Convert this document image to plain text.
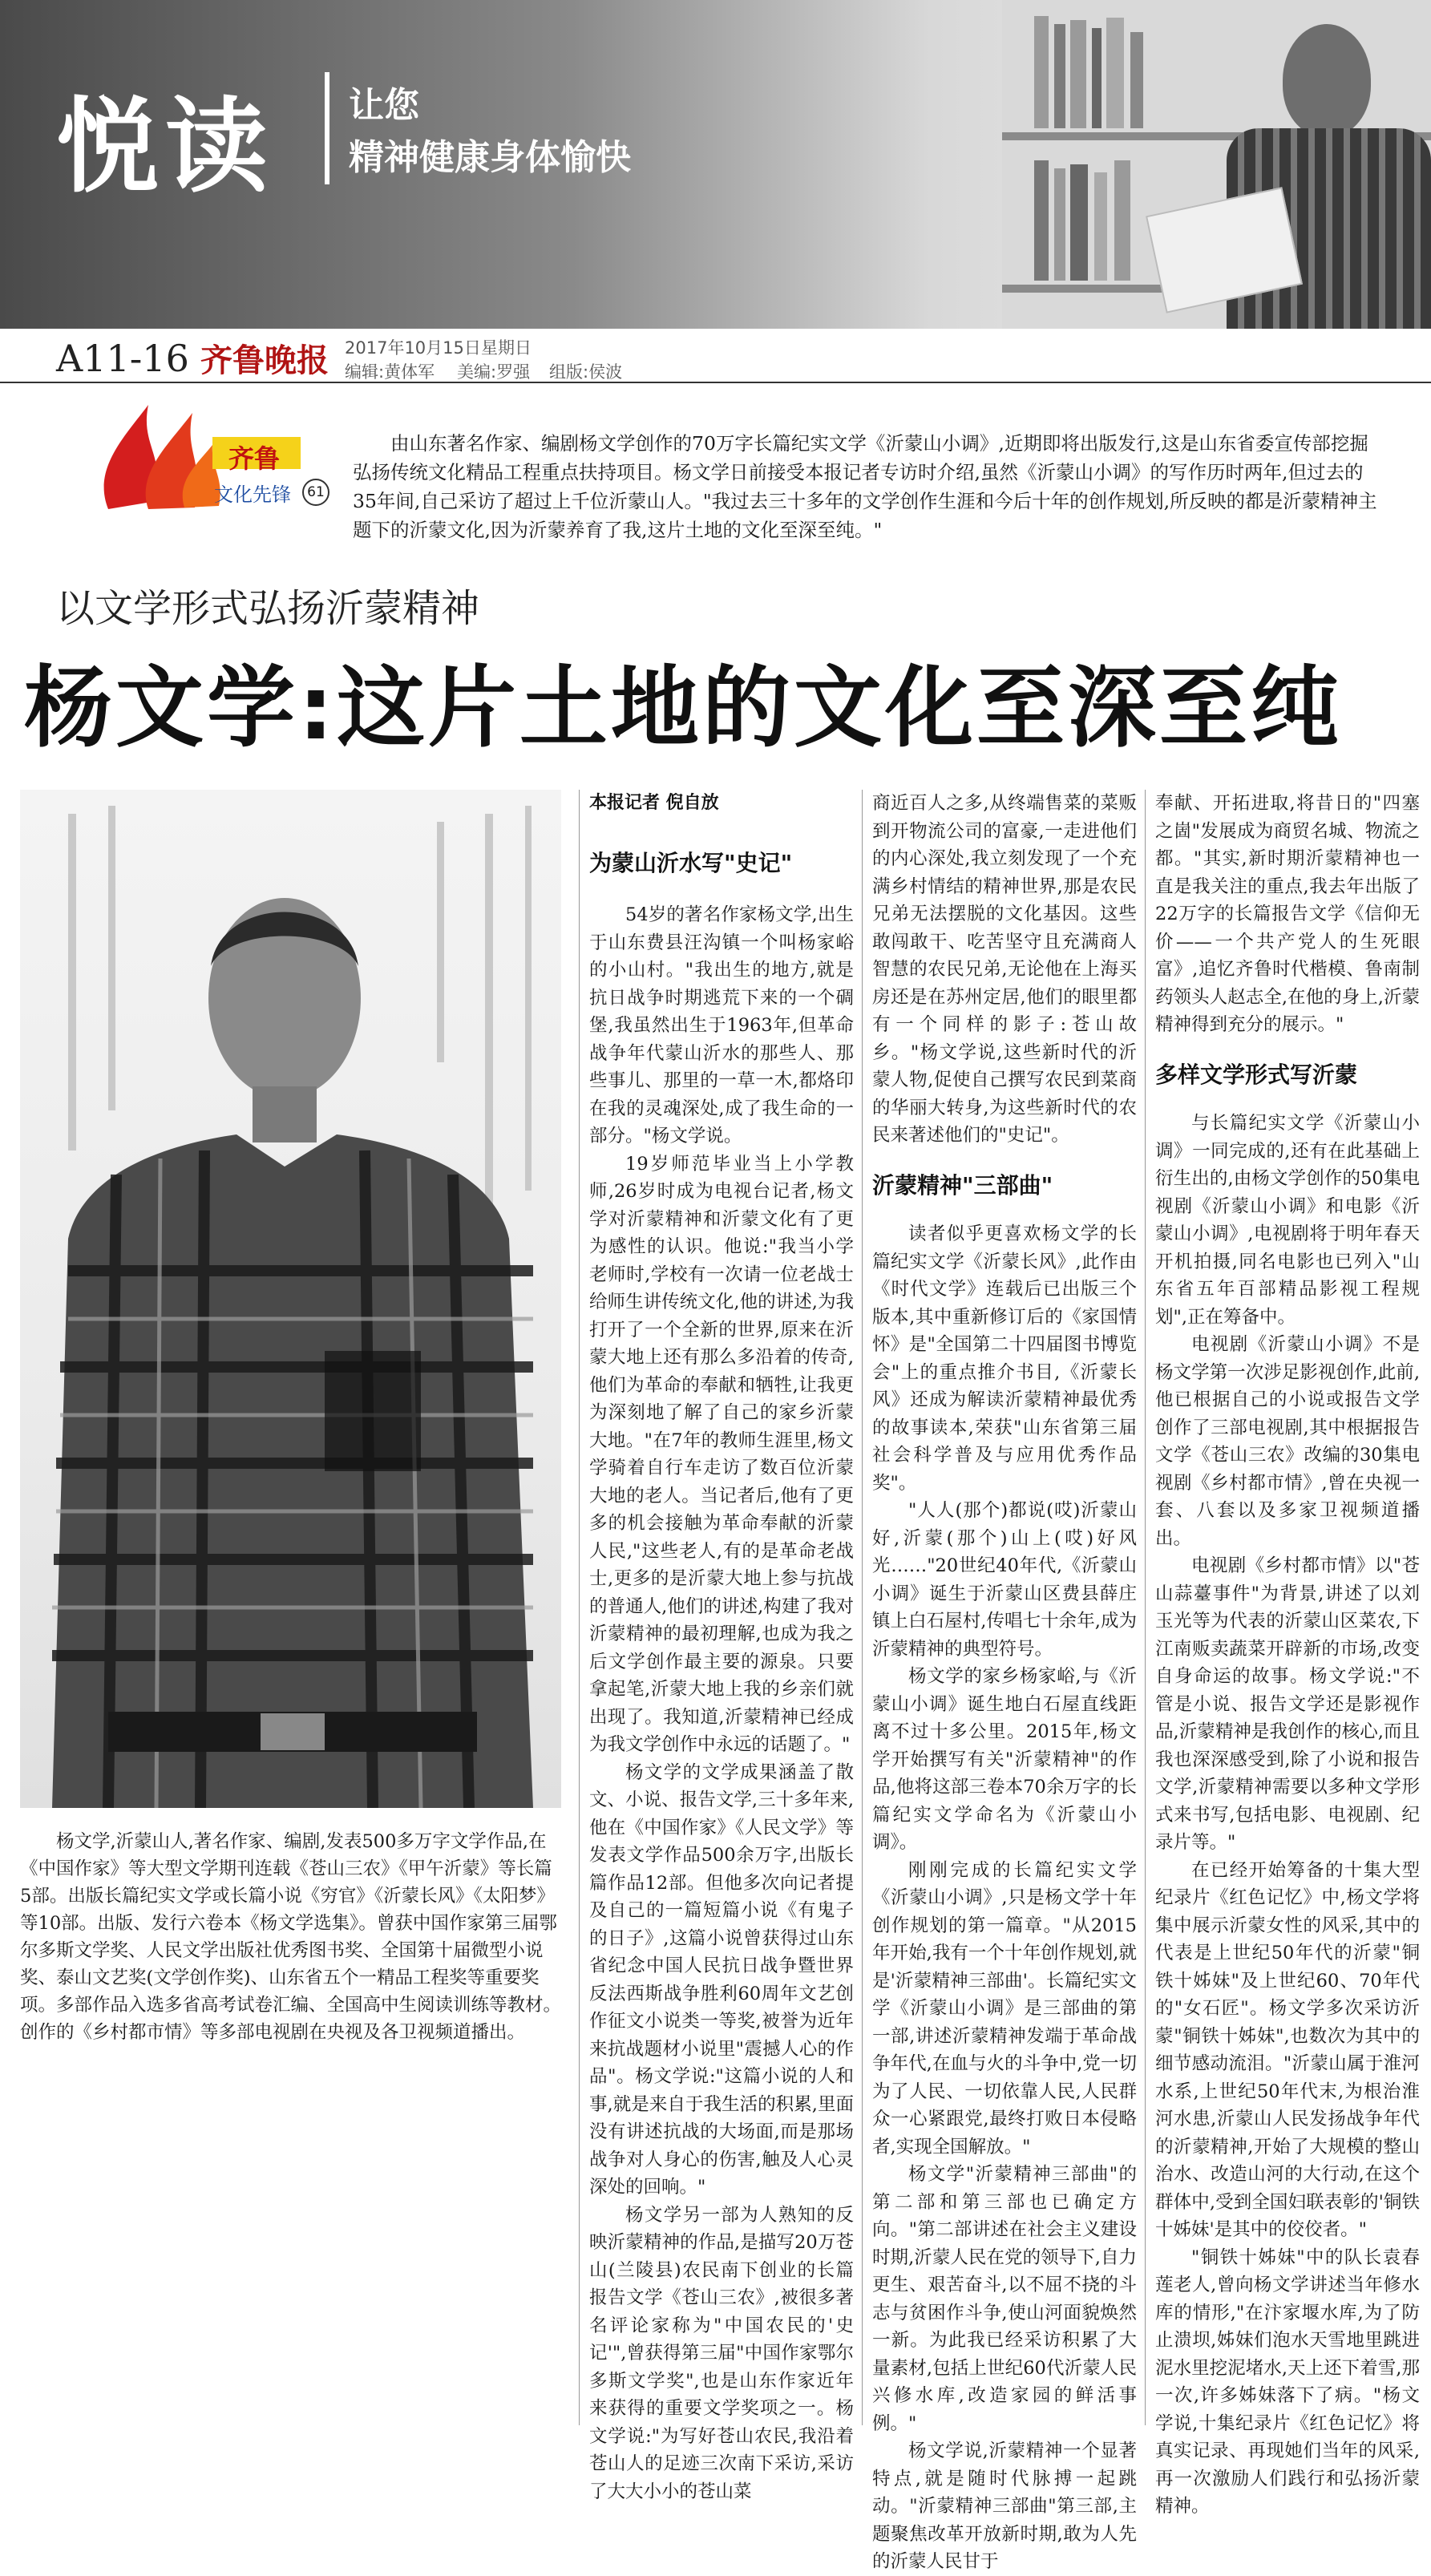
悦读 让您
精神健康身体愉快
A11-16 齐鲁晚报 2017年10月15日 星期日
编辑:黄体军 美编:罗强 组版:侯波
齐鲁
文化先锋	61
由山东著名作家、编剧杨文学创作的70万字长篇纪实文学《沂蒙山小调》,近期即将出版发行,这是山东省委宣传部挖掘弘扬传统文化精品工程重点扶持项目。杨文学日前接受本报记者专访时介绍,虽然《沂蒙山小调》的写作历时两年,但过去的35年间,自己采访了超过上千位沂蒙山人。"我过去三十多年的文学创作生涯和今后十年的创作规划,所反映的都是沂蒙精神主题下的沂蒙文化,因为沂蒙养育了我,这片土地的文化至深至纯。"
以文学形式弘扬沂蒙精神
杨文学:这片土地的文化至深至纯
杨文学,沂蒙山人,著名作家、编剧,发表500多万字文学作品,在《中国作家》等大型文学期刊连载《苍山三农》《甲午沂蒙》等长篇5部。出版长篇纪实文学或长篇小说《穷官》《沂蒙长风》《太阳梦》等10部。出版、发行六卷本《杨文学选集》。曾获中国作家第三届鄂尔多斯文学奖、人民文学出版社优秀图书奖、全国第十届微型小说奖、泰山文艺奖(文学创作奖)、山东省五个一精品工程奖等重要奖项。多部作品入选多省高考试卷汇编、全国高中生阅读训练等教材。创作的《乡村都市情》等多部电视剧在央视及各卫视频道播出。
本报记者 倪自放
为蒙山沂水写"史记"

54岁的著名作家杨文学,出生于山东费县汪沟镇一个叫杨家峪的小山村。"我出生的地方,就是抗日战争时期逃荒下来的一个碉堡,我虽然出生于1963年,但革命战争年代蒙山沂水的那些人、那些事儿、那里的一草一木,都烙印在我的灵魂深处,成了我生命的一部分。"杨文学说。

19岁师范毕业当上小学教师,26岁时成为电视台记者,杨文学对沂蒙精神和沂蒙文化有了更为感性的认识。他说:"我当小学老师时,学校有一次请一位老战士给师生讲传统文化,他的讲述,为我打开了一个全新的世界,原来在沂蒙大地上还有那么多沿着的传奇,他们为革命的奉献和牺牲,让我更为深刻地了解了自己的家乡沂蒙大地。"在7年的教师生涯里,杨文学骑着自行车走访了数百位沂蒙大地的老人。当记者后,他有了更多的机会接触为革命奉献的沂蒙人民,"这些老人,有的是革命老战士,更多的是沂蒙大地上参与抗战的普通人,他们的讲述,构建了我对沂蒙精神的最初理解,也成为我之后文学创作最主要的源泉。只要拿起笔,沂蒙大地上我的乡亲们就出现了。我知道,沂蒙精神已经成为我文学创作中永远的话题了。"

杨文学的文学成果涵盖了散文、小说、报告文学,三十多年来,他在《中国作家》《人民文学》等发表文学作品500余万字,出版长篇作品12部。但他多次向记者提及自己的一篇短篇小说《有鬼子的日子》,这篇小说曾获得过山东省纪念中国人民抗日战争暨世界反法西斯战争胜利60周年文艺创作征文小说类一等奖,被誉为近年来抗战题材小说里"震撼人心的作品"。杨文学说:"这篇小说的人和事,就是来自于我生活的积累,里面没有讲述抗战的大场面,而是那场战争对人身心的伤害,触及人心灵深处的回响。"

杨文学另一部为人熟知的反映沂蒙精神的作品,是描写20万苍山(兰陵县)农民南下创业的长篇报告文学《苍山三农》,被很多著名评论家称为"中国农民的'史记'",曾获得第三届"中国作家鄂尔多斯文学奖",也是山东作家近年来获得的重要文学奖项之一。杨文学说:"为写好苍山农民,我沿着苍山人的足迹三次南下采访,采访了大大小小的苍山菜

商近百人之多,从终端售菜的菜贩到开物流公司的富豪,一走进他们的内心深处,我立刻发现了一个充满乡村情结的精神世界,那是农民兄弟无法摆脱的文化基因。这些敢闯敢干、吃苦坚守且充满商人智慧的农民兄弟,无论他在上海买房还是在苏州定居,他们的眼里都有一个同样的影子:苍山故乡。"杨文学说,这些新时代的沂蒙人物,促使自己撰写农民到菜商的华丽大转身,为这些新时代的农民来著述他们的"史记"。

沂蒙精神"三部曲"

读者似乎更喜欢杨文学的长篇纪实文学《沂蒙长风》,此作由《时代文学》连载后已出版三个版本,其中重新修订后的《家国情怀》是"全国第二十四届图书博览会"上的重点推介书目,《沂蒙长风》还成为解读沂蒙精神最优秀的故事读本,荣获"山东省第三届社会科学普及与应用优秀作品奖"。

"人人(那个)都说(哎)沂蒙山好,沂蒙(那个)山上(哎)好风光……"20世纪40年代,《沂蒙山小调》诞生于沂蒙山区费县薛庄镇上白石屋村,传唱七十余年,成为沂蒙精神的典型符号。

杨文学的家乡杨家峪,与《沂蒙山小调》诞生地白石屋直线距离不过十多公里。2015年,杨文学开始撰写有关"沂蒙精神"的作品,他将这部三卷本70余万字的长篇纪实文学命名为《沂蒙山小调》。

刚刚完成的长篇纪实文学《沂蒙山小调》,只是杨文学十年创作规划的第一篇章。"从2015年开始,我有一个十年创作规划,就是'沂蒙精神三部曲'。长篇纪实文学《沂蒙山小调》是三部曲的第一部,讲述沂蒙精神发端于革命战争年代,在血与火的斗争中,党一切为了人民、一切依靠人民,人民群众一心紧跟党,最终打败日本侵略者,实现全国解放。"

杨文学"沂蒙精神三部曲"的第二部和第三部也已确定方向。"第二部讲述在社会主义建设时期,沂蒙人民在党的领导下,自力更生、艰苦奋斗,以不屈不挠的斗志与贫困作斗争,使山河面貌焕然一新。为此我已经采访积累了大量素材,包括上世纪60代沂蒙人民兴修水库,改造家园的鲜活事例。"

杨文学说,沂蒙精神一个显著特点,就是随时代脉搏一起跳动。"沂蒙精神三部曲"第三部,主题聚焦改革开放新时期,敢为人先的沂蒙人民甘于

奉献、开拓进取,将昔日的"四塞之崮"发展成为商贸名城、物流之都。"其实,新时期沂蒙精神也一直是我关注的重点,我去年出版了22万字的长篇报告文学《信仰无价——一个共产党人的生死眼富》,追忆齐鲁时代楷模、鲁南制药领头人赵志全,在他的身上,沂蒙精神得到充分的展示。"

多样文学形式写沂蒙

与长篇纪实文学《沂蒙山小调》一同完成的,还有在此基础上衍生出的,由杨文学创作的50集电视剧《沂蒙山小调》和电影《沂蒙山小调》,电视剧将于明年春天开机拍摄,同名电影也已列入"山东省五年百部精品影视工程规划",正在筹备中。

电视剧《沂蒙山小调》不是杨文学第一次涉足影视创作,此前,他已根据自己的小说或报告文学创作了三部电视剧,其中根据报告文学《苍山三农》改编的30集电视剧《乡村都市情》,曾在央视一套、八套以及多家卫视频道播出。

电视剧《乡村都市情》以"苍山蒜薹事件"为背景,讲述了以刘玉光等为代表的沂蒙山区菜农,下江南贩卖蔬菜开辟新的市场,改变自身命运的故事。杨文学说:"不管是小说、报告文学还是影视作品,沂蒙精神是我创作的核心,而且我也深深感受到,除了小说和报告文学,沂蒙精神需要以多种文学形式来书写,包括电影、电视剧、纪录片等。"

在已经开始筹备的十集大型纪录片《红色记忆》中,杨文学将集中展示沂蒙女性的风采,其中的代表是上世纪50年代的沂蒙"铜铁十姊妹"及上世纪60、70年代的"女石匠"。杨文学多次采访沂蒙"铜铁十姊妹",也数次为其中的细节感动流泪。"沂蒙山属于淮河水系,上世纪50年代末,为根治淮河水患,沂蒙山人民发扬战争年代的沂蒙精神,开始了大规模的整山治水、改造山河的大行动,在这个群体中,受到全国妇联表彰的'铜铁十姊妹'是其中的佼佼者。"

"铜铁十姊妹"中的队长袁春莲老人,曾向杨文学讲述当年修水库的情形,"在汴家堰水库,为了防止溃坝,姊妹们泡水天雪地里跳进泥水里挖泥堵水,天上还下着雪,那一次,许多姊妹落下了病。"杨文学说,十集纪录片《红色记忆》将真实记录、再现她们当年的风采,再一次激励人们践行和弘扬沂蒙精神。
